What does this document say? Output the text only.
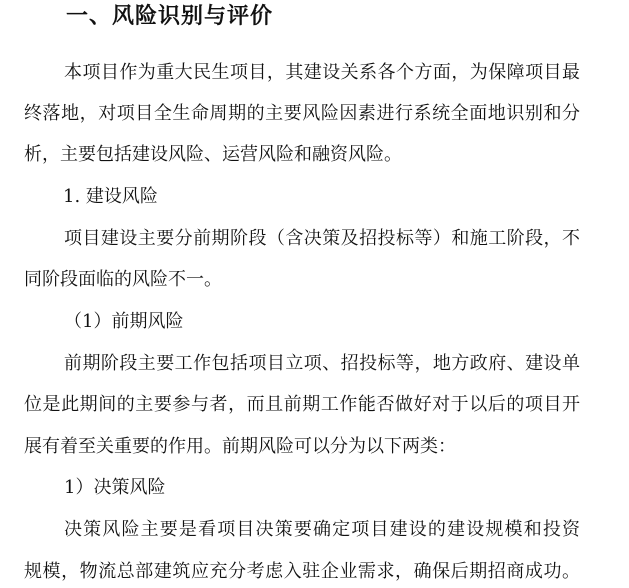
一、风险识别与评价
本项目作为重大民生项目，其建设关系各个方面，为保障项目最
终落地，对项目全生命周期的主要风险因素进行系统全面地识别和分
析，主要包括建设风险、运营风险和融资风险。
1. 建设风险
项目建设主要分前期阶段（含决策及招投标等）和施工阶段，不
同阶段面临的风险不一。
（1）前期风险
前期阶段主要工作包括项目立项、招投标等，地方政府、建设单
位是此期间的主要参与者，而且前期工作能否做好对于以后的项目开
展有着至关重要的作用。前期风险可以分为以下两类：
1）决策风险
决策风险主要是看项目决策要确定项目建设的建设规模和投资
规模，物流总部建筑应充分考虑入驻企业需求，确保后期招商成功。
